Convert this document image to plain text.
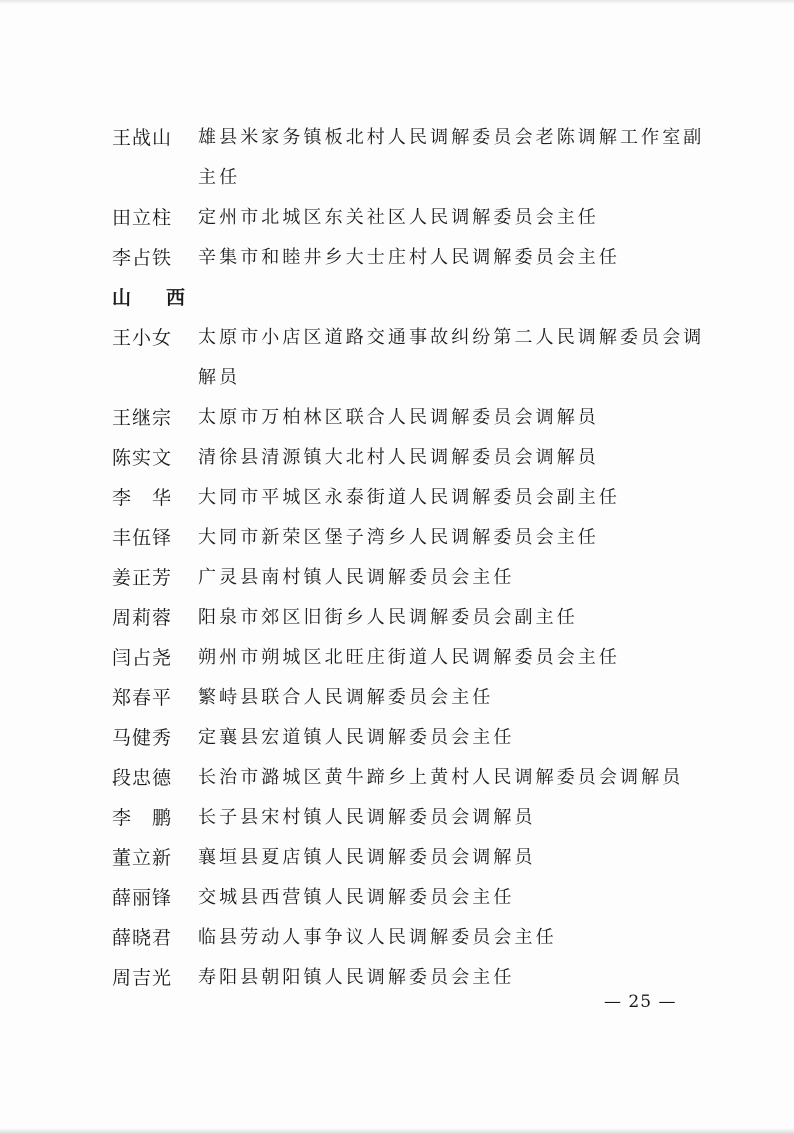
王战山	雄县米家务镇板北村人民调解委员会老陈调解工作室副主任
田立柱	定州市北城区东关社区人民调解委员会主任
李占铁	辛集市和睦井乡大士庄村人民调解委员会主任
山　西
王小女	太原市小店区道路交通事故纠纷第二人民调解委员会调解员
王继宗	太原市万柏林区联合人民调解委员会调解员
陈实文	清徐县清源镇大北村人民调解委员会调解员
李　华	大同市平城区永泰街道人民调解委员会副主任
丰伍铎	大同市新荣区堡子湾乡人民调解委员会主任
姜正芳	广灵县南村镇人民调解委员会主任
周莉蓉	阳泉市郊区旧街乡人民调解委员会副主任
闫占尧	朔州市朔城区北旺庄街道人民调解委员会主任
郑春平	繁峙县联合人民调解委员会主任
马健秀	定襄县宏道镇人民调解委员会主任
段忠德	长治市潞城区黄牛蹄乡上黄村人民调解委员会调解员
李　鹏	长子县宋村镇人民调解委员会调解员
董立新	襄垣县夏店镇人民调解委员会调解员
薛丽锋	交城县西营镇人民调解委员会主任
薛晓君	临县劳动人事争议人民调解委员会主任
周吉光	寿阳县朝阳镇人民调解委员会主任
— 25 —
